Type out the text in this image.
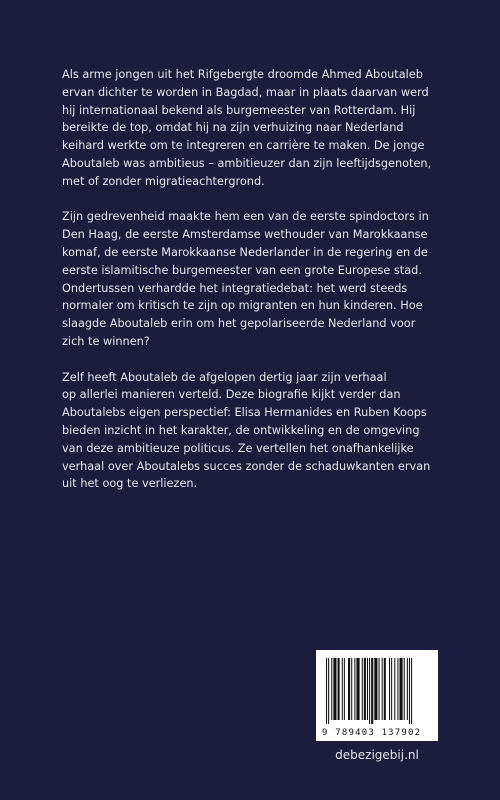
Als arme jongen uit het Rifgebergte droomde Ahmed Aboutaleb
ervan dichter te worden in Bagdad, maar in plaats daarvan werd
hij internationaal bekend als burgemeester van Rotterdam. Hij
bereikte de top, omdat hij na zijn verhuizing naar Nederland
keihard werkte om te integreren en carrière te maken. De jonge
Aboutaleb was ambitieus – ambitieuzer dan zijn leeftijdsgenoten,
met of zonder migratieachtergrond.

Zijn gedrevenheid maakte hem een van de eerste spindoctors in
Den Haag, de eerste Amsterdamse wethouder van Marokkaanse
komaf, de eerste Marokkaanse Nederlander in de regering en de
eerste islamitische burgemeester van een grote Europese stad.
Ondertussen verhardde het integratiedebat: het werd steeds
normaler om kritisch te zijn op migranten en hun kinderen. Hoe
slaagde Aboutaleb erin om het gepolariseerde Nederland voor
zich te winnen?

Zelf heeft Aboutaleb de afgelopen dertig jaar zijn verhaal
op allerlei manieren verteld. Deze biografie kijkt verder dan
Aboutalebs eigen perspectief: Elisa Hermanides en Ruben Koops
bieden inzicht in het karakter, de ontwikkeling en de omgeving
van deze ambitieuze politicus. Ze vertellen het onafhankelijke
verhaal over Aboutalebs succes zonder de schaduwkanten ervan
uit het oog te verliezen.

9 789403 137902
debezigebij.nl
